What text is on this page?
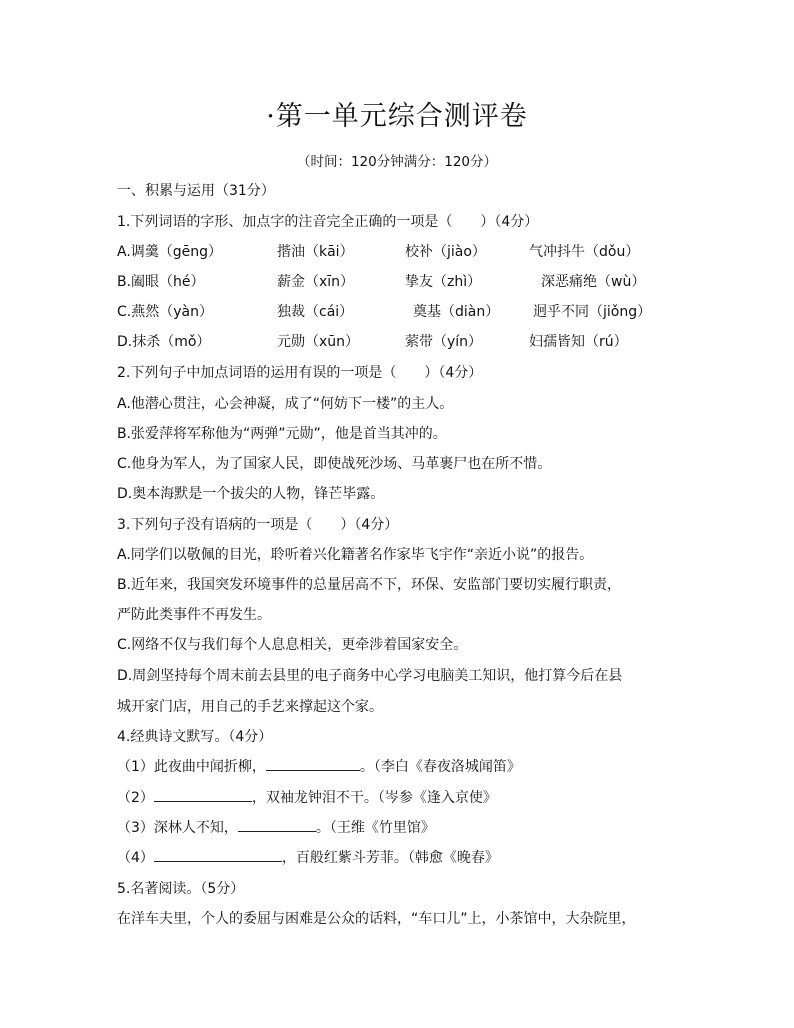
·第一单元综合测评卷
（时间：120分钟满分：120分）
一、积累与运用（31分）
1.下列词语的字形、加点字的注音完全正确的一项是（　　）（4分）
A.调羹（gēng）	揩油（kāi）	校补（jiào）	气冲抖牛（dǒu）
B.阖眼（hé）	薪金（xīn）	挚友（zhì）	深恶痛绝（wù）
C.燕然（yàn）	独裁（cái）	奠基（diàn） 迥乎不同（jiǒng）
D.抹杀（mǒ）	元勋（xūn）	萦带（yín）	妇孺皆知（rú）
2.下列句子中加点词语的运用有误的一项是（　　）（4分）
A.他潜心贯注，心会神凝，成了“何妨下一楼”的主人。
B.张爱萍将军称他为“两弹”元勋”，他是首当其冲的。
C.他身为军人，为了国家人民，即使战死沙场、马革裹尸也在所不惜。
D.奥本海默是一个拔尖的人物，锋芒毕露。
3.下列句子没有语病的一项是（　　）（4分）
A.同学们以敬佩的目光，聆听着兴化籍著名作家毕飞宇作“亲近小说”的报告。
B.近年来，我国突发环境事件的总量居高不下，环保、安监部门要切实履行职责，
严防此类事件不再发生。
C.网络不仅与我们每个人息息相关，更牵涉着国家安全。
D.周剑坚持每个周末前去县里的电子商务中心学习电脑美工知识，他打算今后在县
城开家门店，用自己的手艺来撑起这个家。
4.经典诗文默写。（4分）
（1）此夜曲中闻折柳，	。（李白《春夜洛城闻笛》
（2）	，双袖龙钟泪不干。（岑参《逢入京使》
（3）深林人不知，	。（王维《竹里馆》
（4）	，百般红紫斗芳菲。（韩愈《晚春》
5.名著阅读。（5分）
在洋车夫里，个人的委屈与困难是公众的话料，“车口儿”上，小茶馆中，大杂院里，
